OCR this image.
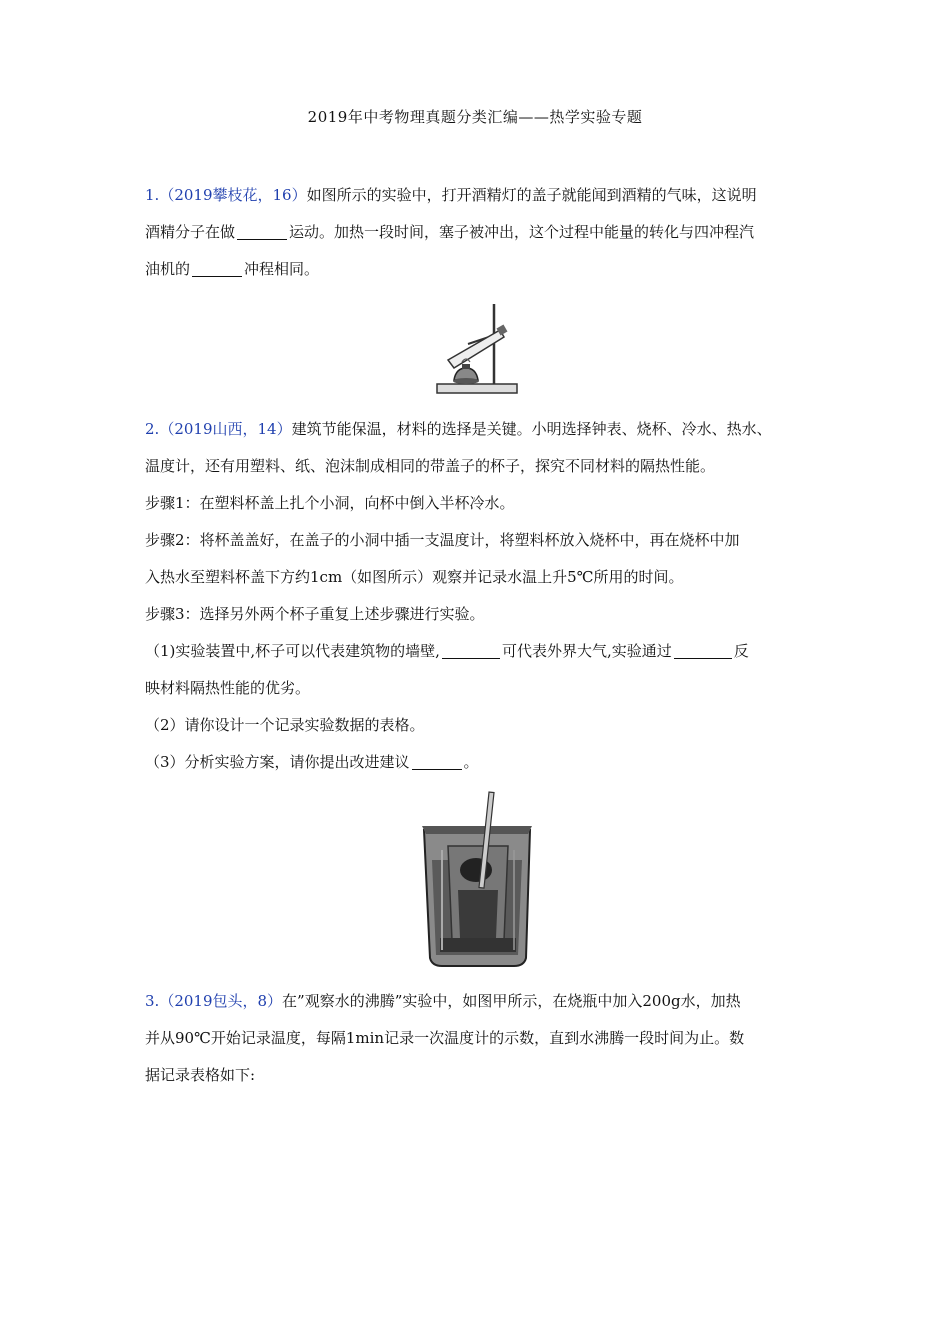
2019年中考物理真题分类汇编——热学实验专题
1.（2019攀枝花，16）如图所示的实验中，打开酒精灯的盖子就能闻到酒精的气味，这说明
酒精分子在做	运动。加热一段时间，塞子被冲出，这个过程中能量的转化与四冲程汽
油机的	冲程相同。
2.（2019山西，14）建筑节能保温，材料的选择是关键。小明选择钟表、烧杯、冷水、热水、
温度计，还有用塑料、纸、泡沫制成相同的带盖子的杯子，探究不同材料的隔热性能。
步骤1：在塑料杯盖上扎个小洞，向杯中倒入半杯冷水。
步骤2：将杯盖盖好，在盖子的小洞中插一支温度计，将塑料杯放入烧杯中，再在烧杯中加
入热水至塑料杯盖下方约1cm（如图所示）观察并记录水温上升5℃所用的时间。
步骤3：选择另外两个杯子重复上述步骤进行实验。
（1)实验装置中,杯子可以代表建筑物的墙壁,	可代表外界大气,实验通过	反
映材料隔热性能的优劣。
（2）请你设计一个记录实验数据的表格。
（3）分析实验方案，请你提出改进建议	。
3.（2019包头，8）在”观察水的沸腾”实验中，如图甲所示，在烧瓶中加入200g水，加热
并从90℃开始记录温度，每隔1min记录一次温度计的示数，直到水沸腾一段时间为止。数
据记录表格如下:
